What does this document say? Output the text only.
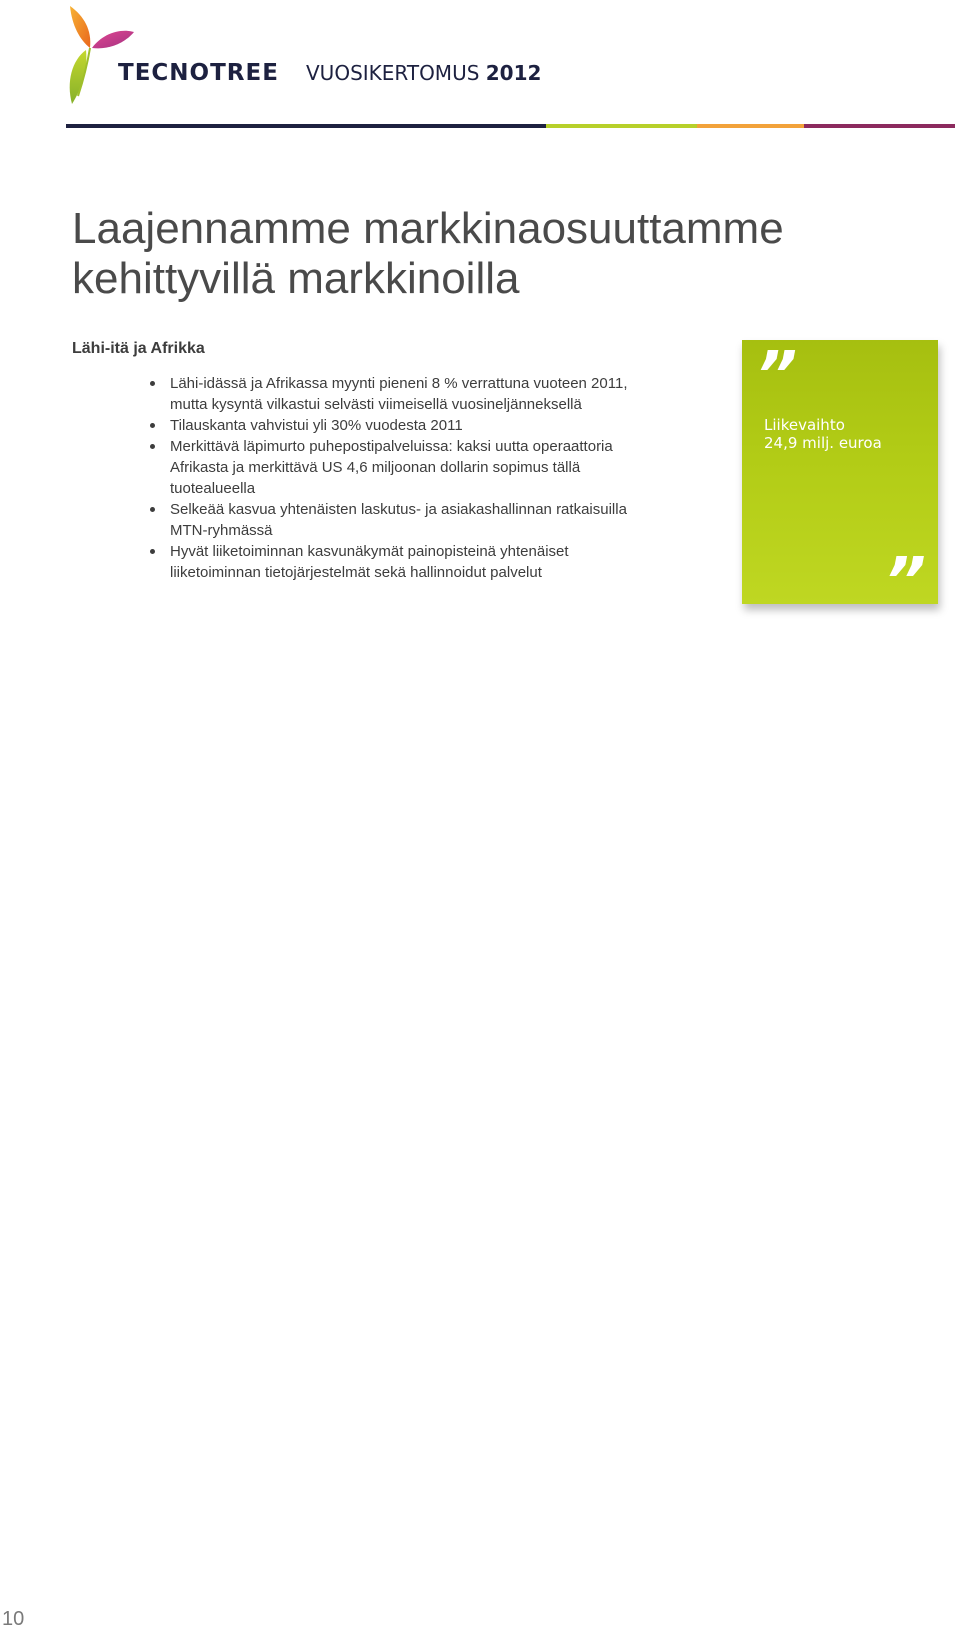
TECNOTREE VUOSIKERTOMUS 2012
Laajennamme markkinaosuuttamme
kehittyvillä markkinoilla
Lähi-itä ja Afrikka
Lähi-idässä ja Afrikassa myynti pieneni 8 % verrattuna vuoteen 2011,
mutta kysyntä vilkastui selvästi viimeisellä vuosineljänneksellä
Tilauskanta vahvistui yli 30% vuodesta 2011
Merkittävä läpimurto puhepostipalveluissa: kaksi uutta operaattoria
Afrikasta ja merkittävä US 4,6 miljoonan dollarin sopimus tällä
tuotealueella
Selkeää kasvua yhtenäisten laskutus- ja asiakashallinnan ratkaisuilla
MTN-ryhmässä
Hyvät liiketoiminnan kasvunäkymät painopisteinä yhtenäiset
liiketoiminnan tietojärjestelmät sekä hallinnoidut palvelut
”
Liikevaihto
24,9 milj. euroa
”
10
